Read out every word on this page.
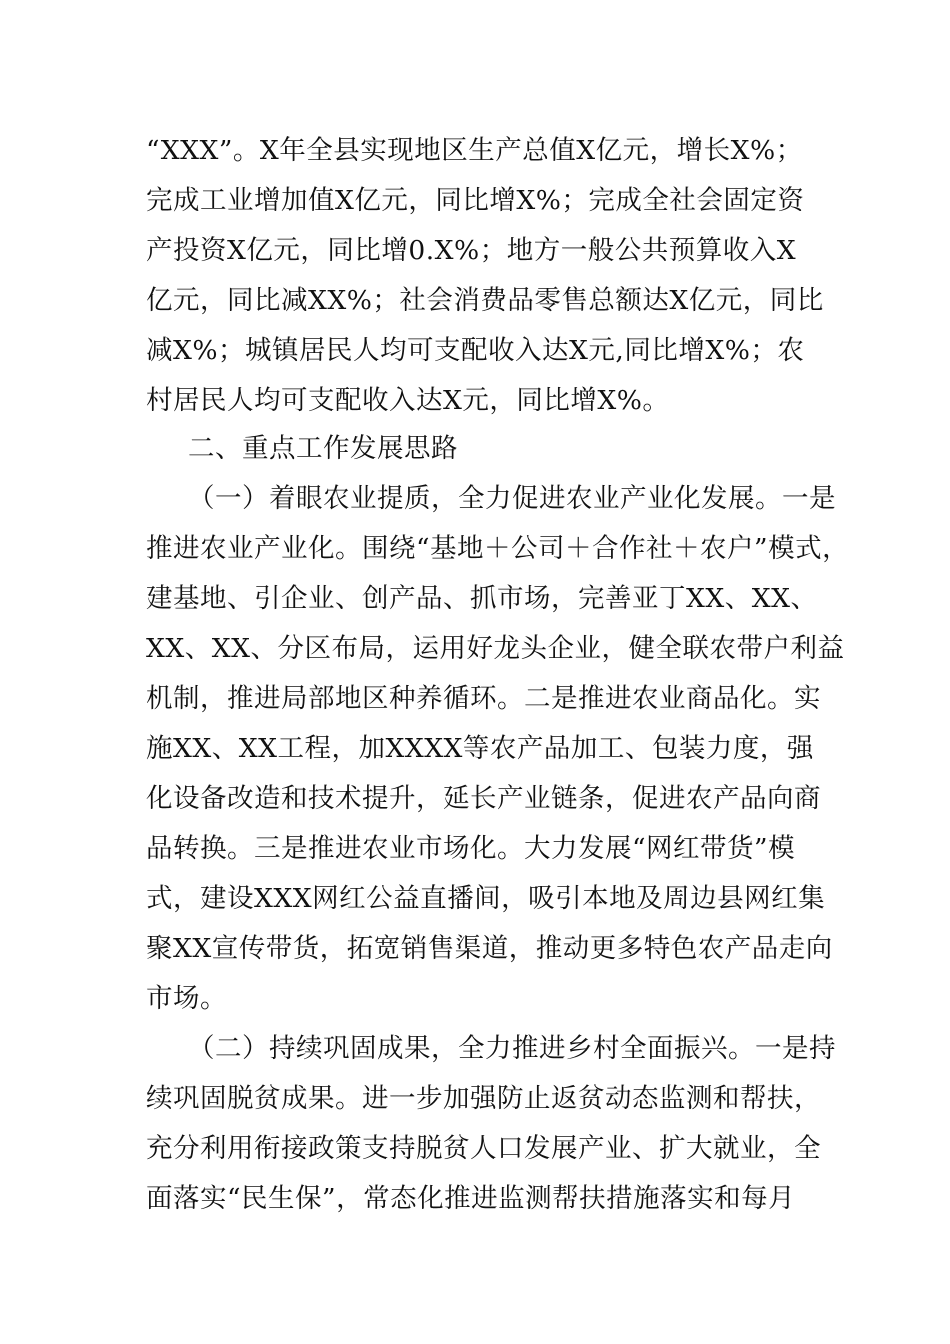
“XXX”。X年全县实现地区生产总值X亿元，增长X%；
完成工业增加值X亿元，同比增X%；完成全社会固定资
产投资X亿元，同比增0.X%；地方一般公共预算收入X
亿元，同比减XX%；社会消费品零售总额达X亿元，同比
减X%；城镇居民人均可支配收入达X元,同比增X%；农
村居民人均可支配收入达X元，同比增X%。
二、重点工作发展思路
（一）着眼农业提质，全力促进农业产业化发展。一是
推进农业产业化。围绕“基地＋公司＋合作社＋农户”模式，
建基地、引企业、创产品、抓市场，完善亚丁XX、XX、
XX、XX、分区布局，运用好龙头企业，健全联农带户利益
机制，推进局部地区种养循环。二是推进农业商品化。实
施XX、XX工程，加XXXX等农产品加工、包装力度，强
化设备改造和技术提升，延长产业链条，促进农产品向商
品转换。三是推进农业市场化。大力发展“网红带货”模
式，建设XXX网红公益直播间，吸引本地及周边县网红集
聚XX宣传带货，拓宽销售渠道，推动更多特色农产品走向
市场。
（二）持续巩固成果，全力推进乡村全面振兴。一是持
续巩固脱贫成果。进一步加强防止返贫动态监测和帮扶，
充分利用衔接政策支持脱贫人口发展产业、扩大就业，全
面落实“民生保”，常态化推进监测帮扶措施落实和每月
